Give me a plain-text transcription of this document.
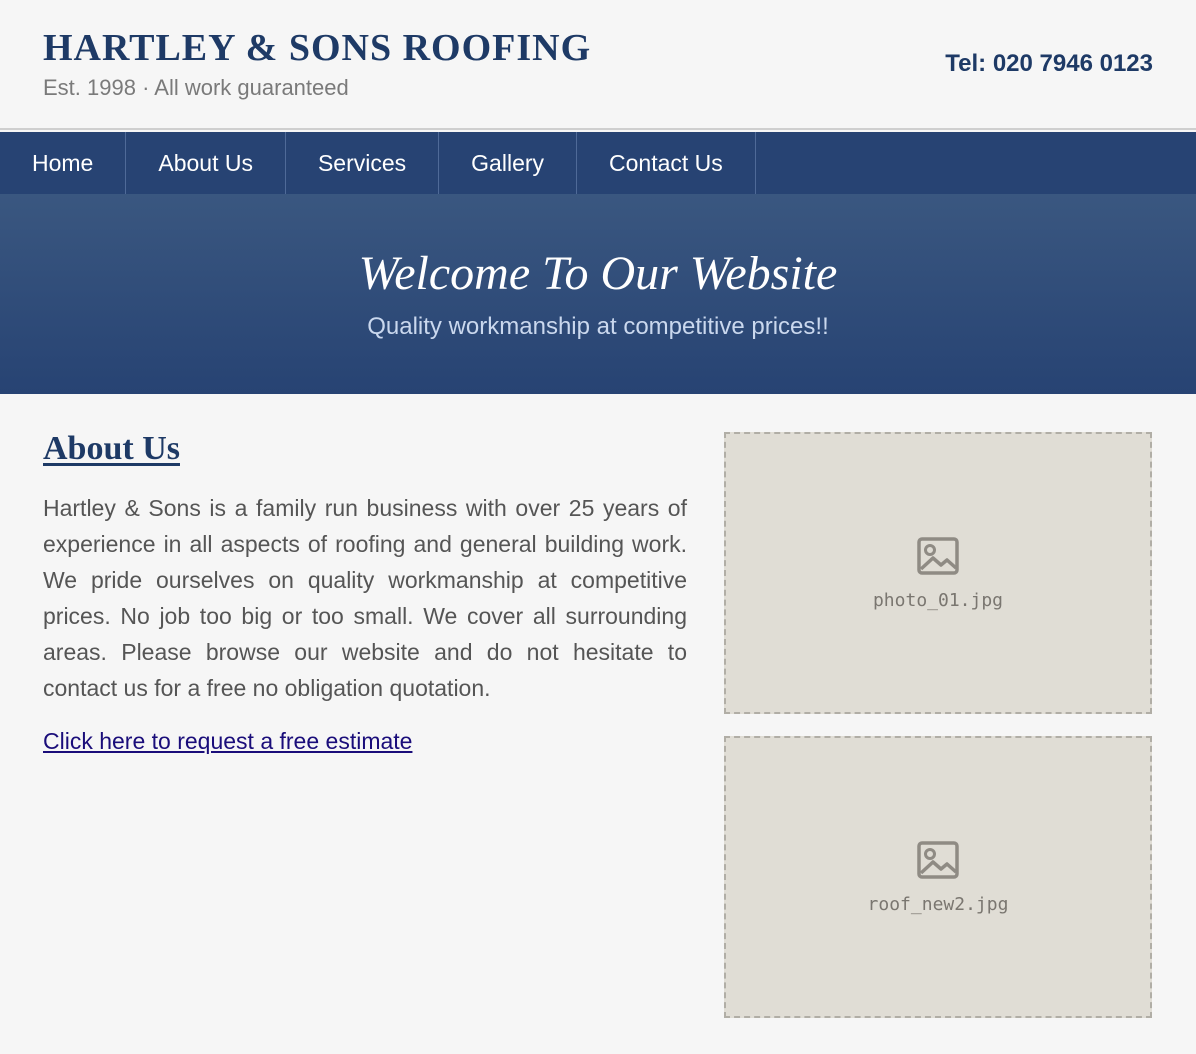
HARTLEY & SONS ROOFING
Est. 1998 · All work guaranteed
Tel: 020 7946 0123
Home	About Us	Services	Gallery	Contact Us
Welcome To Our Website
Quality workmanship at competitive prices!!
About Us

Hartley & Sons is a family run business with over 25 years of experience in all aspects of roofing and general building work. We pride ourselves on quality workmanship at competitive prices. No job too big or too small. We cover all surrounding areas. Please browse our website and do not hesitate to contact us for a free no obligation quotation.

Click here to request a free estimate
photo_01.jpg
roof_new2.jpg
